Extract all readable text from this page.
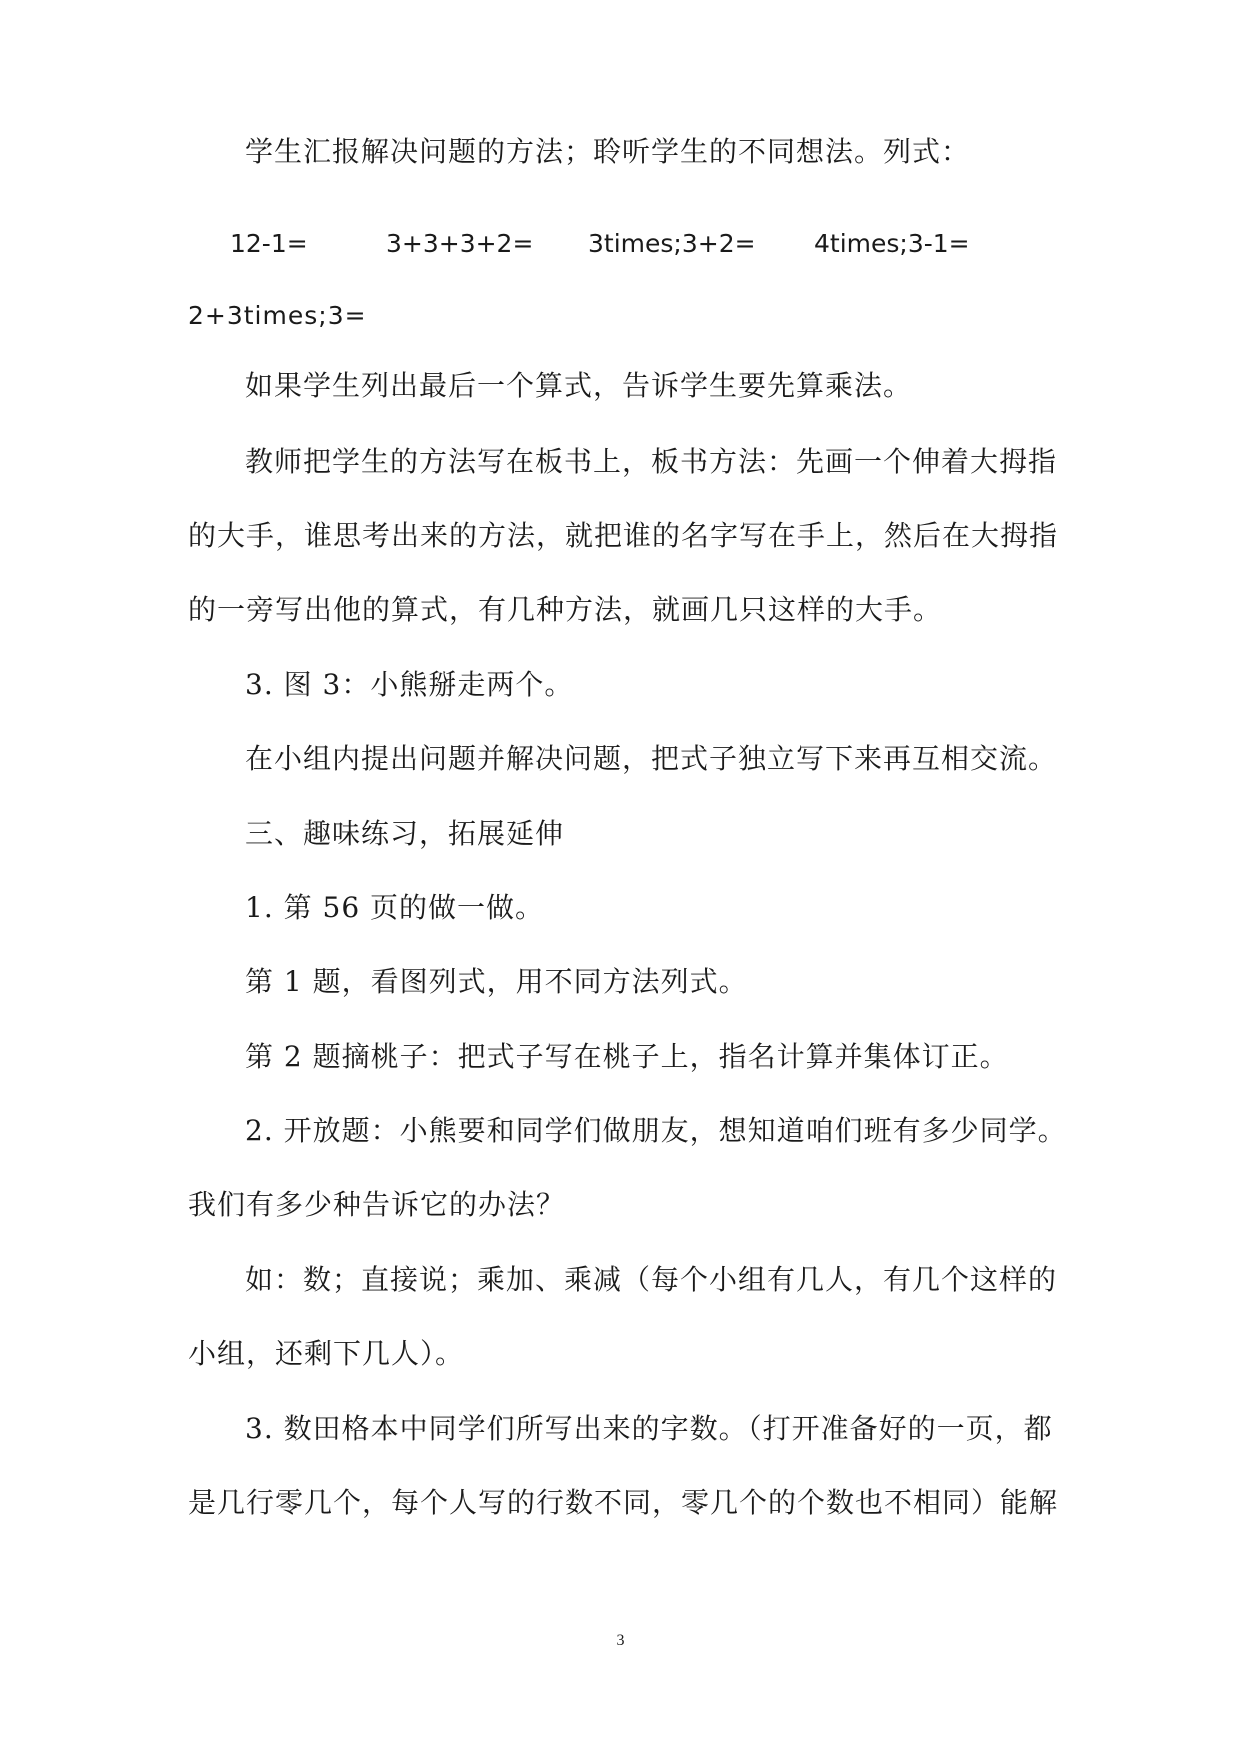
学生汇报解决问题的方法；聆听学生的不同想法。列式：
12-1=	3+3+3+2= 3times;3+2= 4times;3-1=
2+3times;3=
如果学生列出最后一个算式，告诉学生要先算乘法。
教师把学生的方法写在板书上，板书方法：先画一个伸着大拇指
的大手，谁思考出来的方法，就把谁的名字写在手上，然后在大拇指
的一旁写出他的算式，有几种方法，就画几只这样的大手。
3. 图 3：小熊掰走两个。
在小组内提出问题并解决问题，把式子独立写下来再互相交流。
三、趣味练习，拓展延伸
1. 第 56 页的做一做。
第 1 题，看图列式，用不同方法列式。
第 2 题摘桃子：把式子写在桃子上，指名计算并集体订正。
2. 开放题：小熊要和同学们做朋友，想知道咱们班有多少同学。
我们有多少种告诉它的办法？
如：数；直接说；乘加、乘减（每个小组有几人，有几个这样的
小组，还剩下几人）。
3. 数田格本中同学们所写出来的字数。（打开准备好的一页，都
是几行零几个，每个人写的行数不同，零几个的个数也不相同）能解
3
